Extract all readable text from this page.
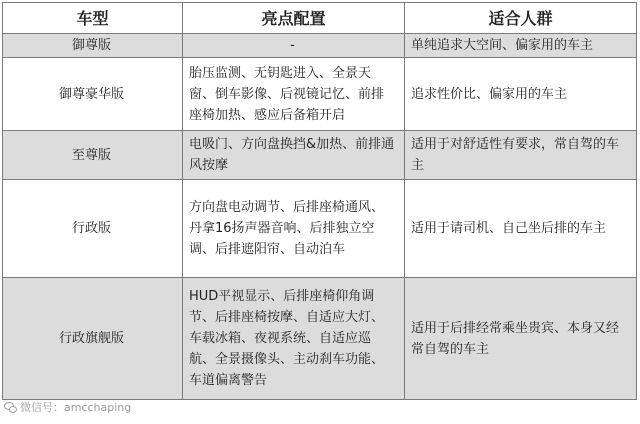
车型	亮点配置	适合人群
御尊版	-	单纯追求大空间、偏家用的车主
御尊豪华版	胎压监测、无钥匙进入、全景天窗、倒车影像、后视镜记忆、前排座椅加热、感应后备箱开启	追求性价比、偏家用的车主
至尊版	电吸门、方向盘换挡&加热、前排通风按摩	适用于对舒适性有要求，常自驾的车主
行政版	方向盘电动调节、后排座椅通风、丹拿16扬声器音响、后排独立空调、后排遮阳帘、自动泊车	适用于请司机、自己坐后排的车主
行政旗舰版	HUD平视显示、后排座椅仰角调节、后排座椅按摩、自适应大灯、车载冰箱、夜视系统、自适应巡航、全景摄像头、主动刹车功能、车道偏离警告	适用于后排经常乘坐贵宾、本身又经常自驾的车主
微信号：amcchaping
